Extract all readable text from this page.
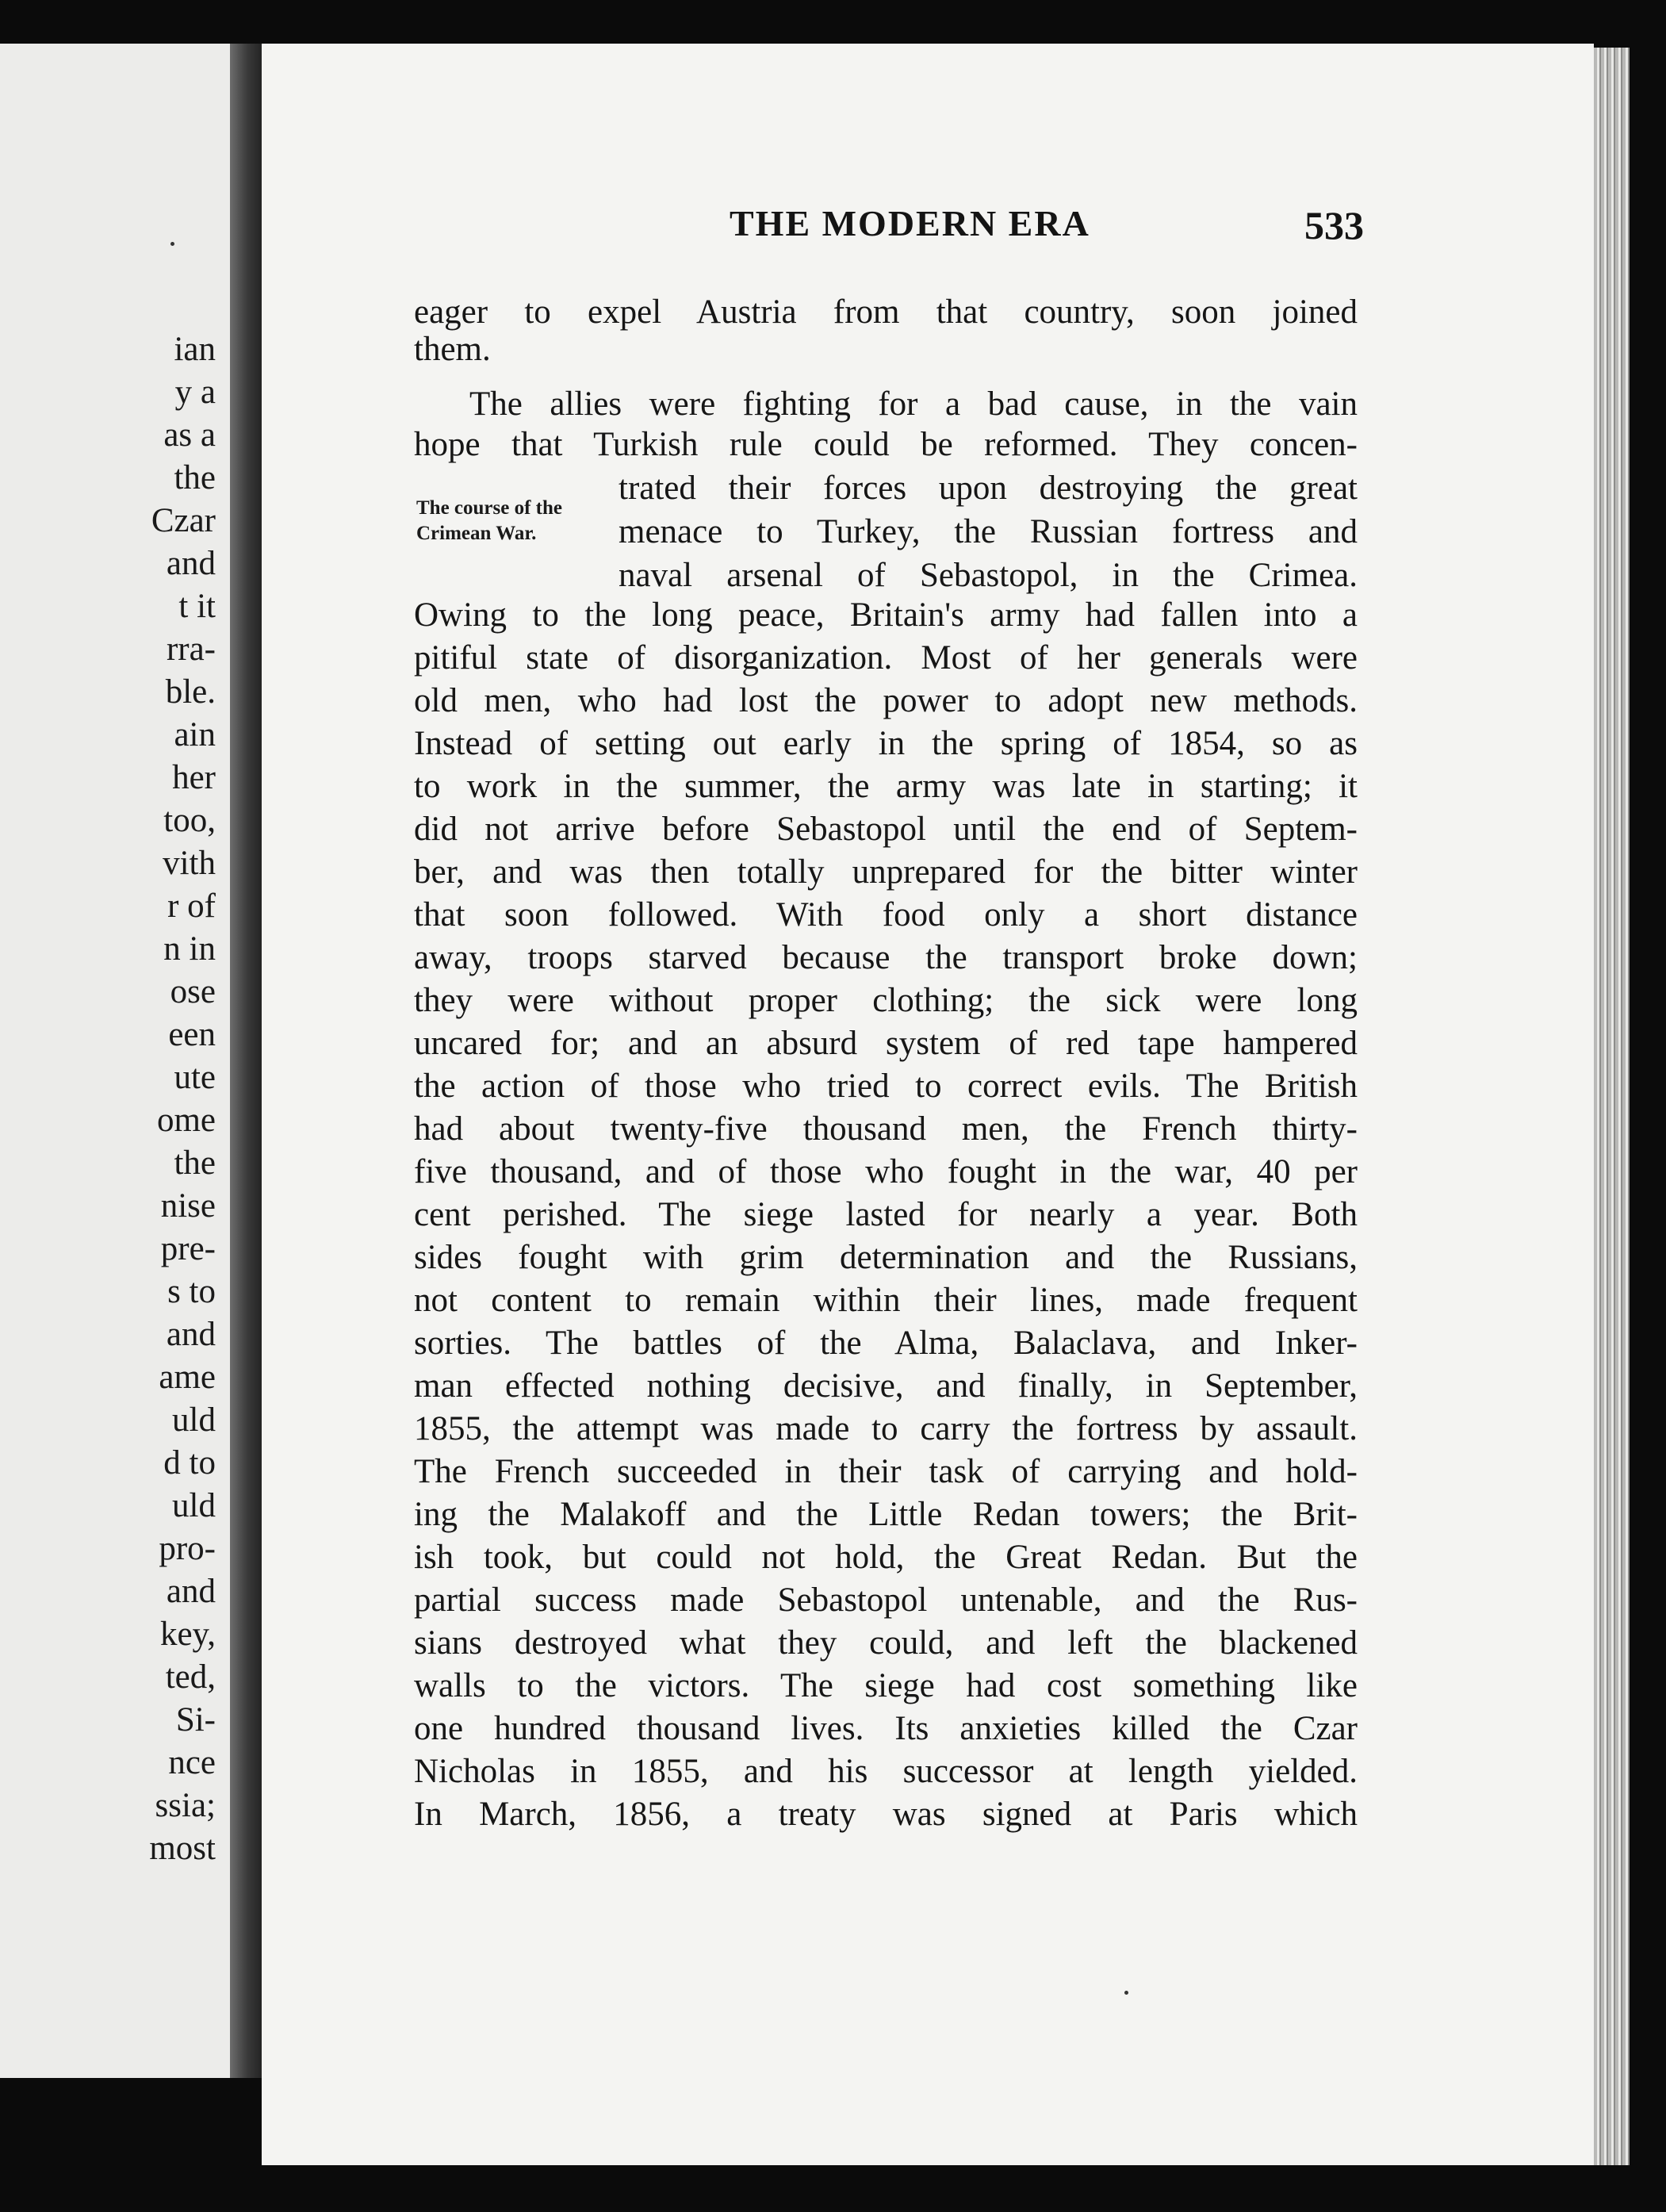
ian
y a
as a
the
Czar
and
t it
rra-
ble.
ain
her
too,
vith
r of
n in
ose
een
ute
ome
the
nise
pre-
s to
and
ame
uld
d to
uld
pro-
and
key,
ted,
Si-
nce
ssia;
most
THE MODERN ERA	533
The course of the
Crimean War.
eager to expel Austria from that country, soon joined
them.
The allies were fighting for a bad cause, in the vain
hope that Turkish rule could be reformed. They concen-
trated their forces upon destroying the great
menace to Turkey, the Russian fortress and
naval arsenal of Sebastopol, in the Crimea.
Owing to the long peace, Britain's army had fallen into a
pitiful state of disorganization. Most of her generals were
old men, who had lost the power to adopt new methods.
Instead of setting out early in the spring of 1854, so as
to work in the summer, the army was late in starting; it
did not arrive before Sebastopol until the end of Septem-
ber, and was then totally unprepared for the bitter winter
that soon followed. With food only a short distance
away, troops starved because the transport broke down;
they were without proper clothing; the sick were long
uncared for; and an absurd system of red tape hampered
the action of those who tried to correct evils. The British
had about twenty-five thousand men, the French thirty-
five thousand, and of those who fought in the war, 40 per
cent perished. The siege lasted for nearly a year. Both
sides fought with grim determination and the Russians,
not content to remain within their lines, made frequent
sorties. The battles of the Alma, Balaclava, and Inker-
man effected nothing decisive, and finally, in September,
1855, the attempt was made to carry the fortress by assault.
The French succeeded in their task of carrying and hold-
ing the Malakoff and the Little Redan towers; the Brit-
ish took, but could not hold, the Great Redan. But the
partial success made Sebastopol untenable, and the Rus-
sians destroyed what they could, and left the blackened
walls to the victors. The siege had cost something like
one hundred thousand lives. Its anxieties killed the Czar
Nicholas in 1855, and his successor at length yielded.
In March, 1856, a treaty was signed at Paris which
